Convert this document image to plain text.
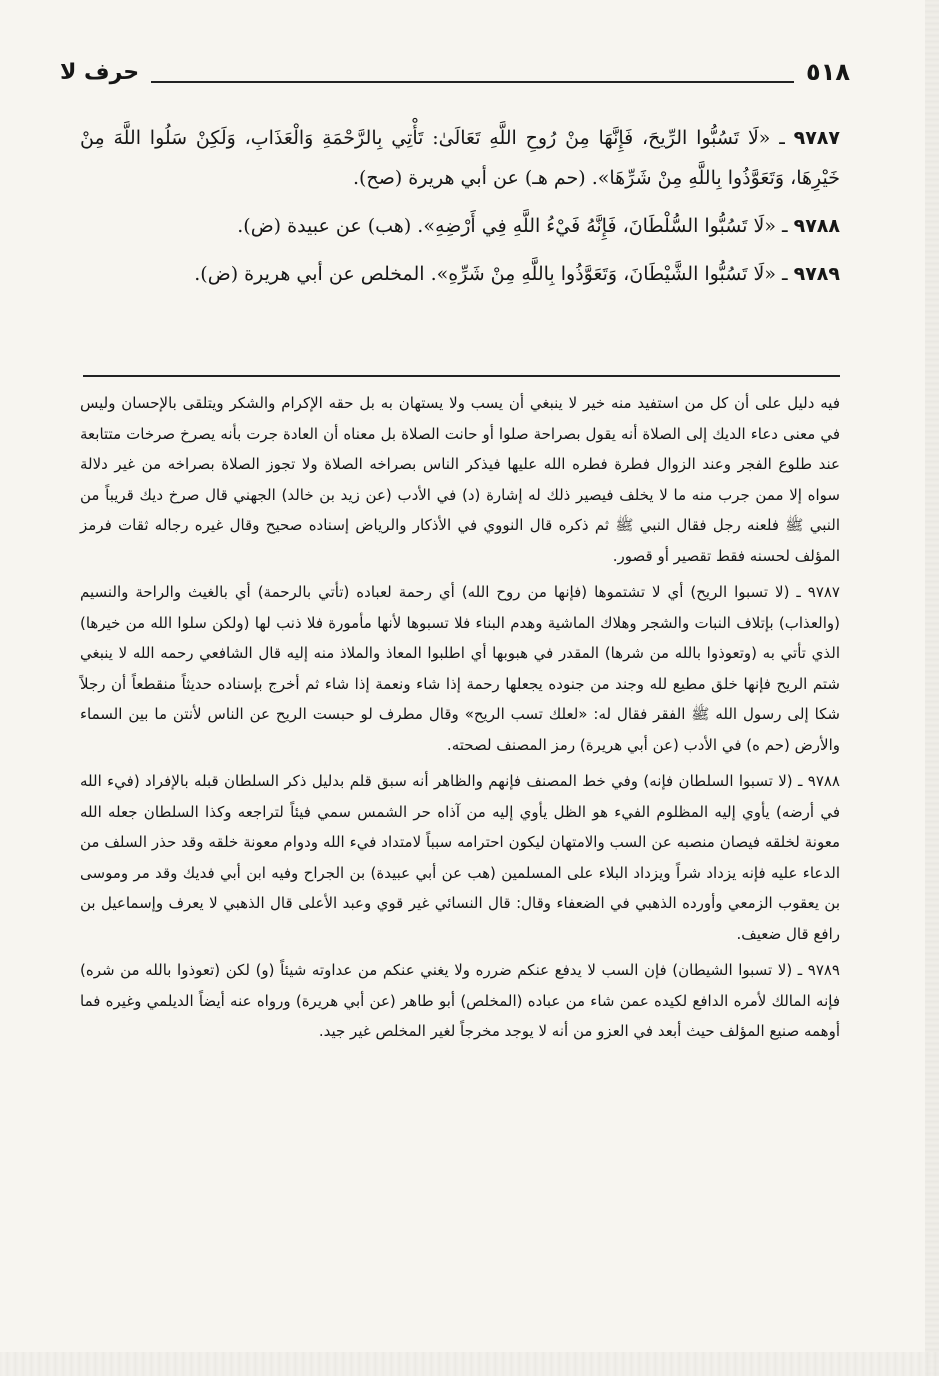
٥١٨
حرف لا

٩٧٨٧ ـ «لَا تَسُبُّوا الرِّيحَ، فَإِنَّهَا مِنْ رُوحِ اللَّهِ تَعَالَىٰ: تَأْتِي بِالرَّحْمَةِ وَالْعَذَابِ، وَلَكِنْ سَلُوا اللَّهَ مِنْ خَيْرِهَا، وَتَعَوَّذُوا بِاللَّهِ مِنْ شَرِّهَا». (حم هـ) عن أبي هريرة (صح).

٩٧٨٨ ـ «لَا تَسُبُّوا السُّلْطَانَ، فَإِنَّهُ فَيْءُ اللَّهِ فِي أَرْضِهِ». (هب) عن عبيدة (ض).

٩٧٨٩ ـ «لَا تَسُبُّوا الشَّيْطَانَ، وَتَعَوَّذُوا بِاللَّهِ مِنْ شَرِّهِ». المخلص عن أبي هريرة (ض).

فيه دليل على أن كل من استفيد منه خير لا ينبغي أن يسب ولا يستهان به بل حقه الإكرام والشكر ويتلقى بالإحسان وليس في معنى دعاء الديك إلى الصلاة أنه يقول بصراحة صلوا أو حانت الصلاة بل معناه أن العادة جرت بأنه يصرخ صرخات متتابعة عند طلوع الفجر وعند الزوال فطرة فطره الله عليها فيذكر الناس بصراخه الصلاة ولا تجوز الصلاة بصراخه من غير دلالة سواه إلا ممن جرب منه ما لا يخلف فيصير ذلك له إشارة (د) في الأدب (عن زيد بن خالد) الجهني قال صرخ ديك قريباً من النبي ﷺ فلعنه رجل فقال النبي ﷺ ثم ذكره قال النووي في الأذكار والرياض إسناده صحيح وقال غيره رجاله ثقات فرمز المؤلف لحسنه فقط تقصير أو قصور.

٩٧٨٧ ـ (لا تسبوا الريح) أي لا تشتموها (فإنها من روح الله) أي رحمة لعباده (تأتي بالرحمة) أي بالغيث والراحة والنسيم (والعذاب) بإتلاف النبات والشجر وهلاك الماشية وهدم البناء فلا تسبوها لأنها مأمورة فلا ذنب لها (ولكن سلوا الله من خيرها) الذي تأتي به (وتعوذوا بالله من شرها) المقدر في هبوبها أي اطلبوا المعاذ والملاذ منه إليه قال الشافعي رحمه الله لا ينبغي شتم الريح فإنها خلق مطيع لله وجند من جنوده يجعلها رحمة إذا شاء ونعمة إذا شاء ثم أخرج بإسناده حديثاً منقطعاً أن رجلاً شكا إلى رسول الله ﷺ الفقر فقال له: «لعلك تسب الريح» وقال مطرف لو حبست الريح عن الناس لأنتن ما بين السماء والأرض (حم ه) في الأدب (عن أبي هريرة) رمز المصنف لصحته.

٩٧٨٨ ـ (لا تسبوا السلطان فإنه) وفي خط المصنف فإنهم والظاهر أنه سبق قلم بدليل ذكر السلطان قبله بالإفراد (فيء الله في أرضه) يأوي إليه المظلوم الفيء هو الظل يأوي إليه من آذاه حر الشمس سمي فيئاً لتراجعه وكذا السلطان جعله الله معونة لخلقه فيصان منصبه عن السب والامتهان ليكون احترامه سبباً لامتداد فيء الله ودوام معونة خلقه وقد حذر السلف من الدعاء عليه فإنه يزداد شراً ويزداد البلاء على المسلمين (هب عن أبي عبيدة) بن الجراح وفيه ابن أبي فديك وقد مر وموسى بن يعقوب الزمعي وأورده الذهبي في الضعفاء وقال: قال النسائي غير قوي وعبد الأعلى قال الذهبي لا يعرف وإسماعيل بن رافع قال ضعيف.

٩٧٨٩ ـ (لا تسبوا الشيطان) فإن السب لا يدفع عنكم ضرره ولا يغني عنكم من عداوته شيئاً (و) لكن (تعوذوا بالله من شره) فإنه المالك لأمره الدافع لكيده عمن شاء من عباده (المخلص) أبو طاهر (عن أبي هريرة) ورواه عنه أيضاً الديلمي وغيره فما أوهمه صنيع المؤلف حيث أبعد في العزو من أنه لا يوجد مخرجاً لغير المخلص غير جيد.
